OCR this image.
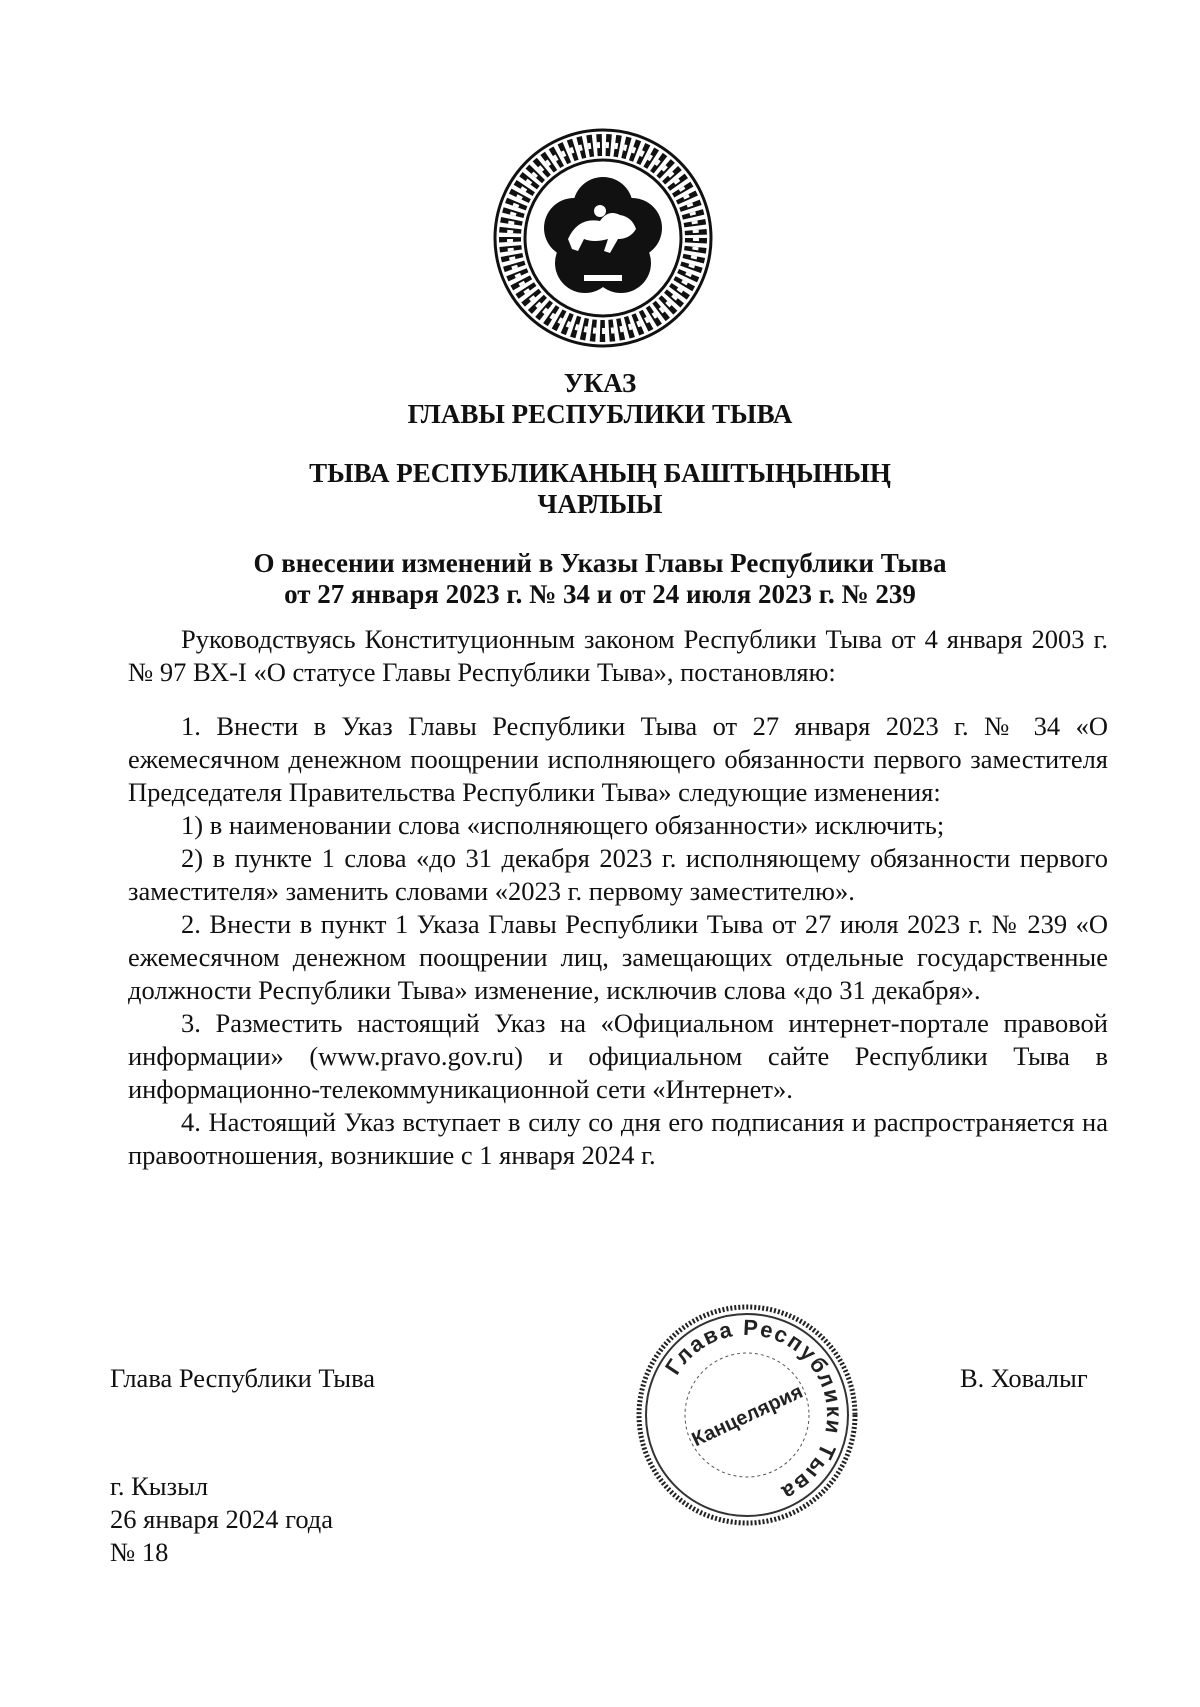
УКАЗ
ГЛАВЫ РЕСПУБЛИКИ ТЫВА
ТЫВА РЕСПУБЛИКАНЫҢ БАШТЫҢЫНЫҢ
ЧАРЛЫЫ
О внесении изменений в Указы Главы Республики Тыва
от 27 января 2023 г. № 34 и от 24 июля 2023 г. № 239

Руководствуясь Конституционным законом Республики Тыва от 4 января 2003 г. № 97 ВХ-I «О статусе Главы Республики Тыва», постановляю:

1. Внести в Указ Главы Республики Тыва от 27 января 2023 г. № 34 «О ежемесячном денежном поощрении исполняющего обязанности первого заместителя Председателя Правительства Республики Тыва» следующие изменения:

1) в наименовании слова «исполняющего обязанности» исключить;

2) в пункте 1 слова «до 31 декабря 2023 г. исполняющему обязанности первого заместителя» заменить словами «2023 г. первому заместителю».

2. Внести в пункт 1 Указа Главы Республики Тыва от 27 июля 2023 г. № 239 «О ежемесячном денежном поощрении лиц, замещающих отдельные государственные должности Республики Тыва» изменение, исключив слова «до 31 декабря».

3. Разместить настоящий Указ на «Официальном интернет-портале правовой информации» (www.pravo.gov.ru) и официальном сайте Республики Тыва в информационно-телекоммуникационной сети «Интернет».

4. Настоящий Указ вступает в силу со дня его подписания и распространяется на правоотношения, возникшие с 1 января 2024 г.

Глава Республики Тыва	В. Ховалыг
Глава Республики Тыва
Канцелярия
г. Кызыл
26 января 2024 года
№ 18
